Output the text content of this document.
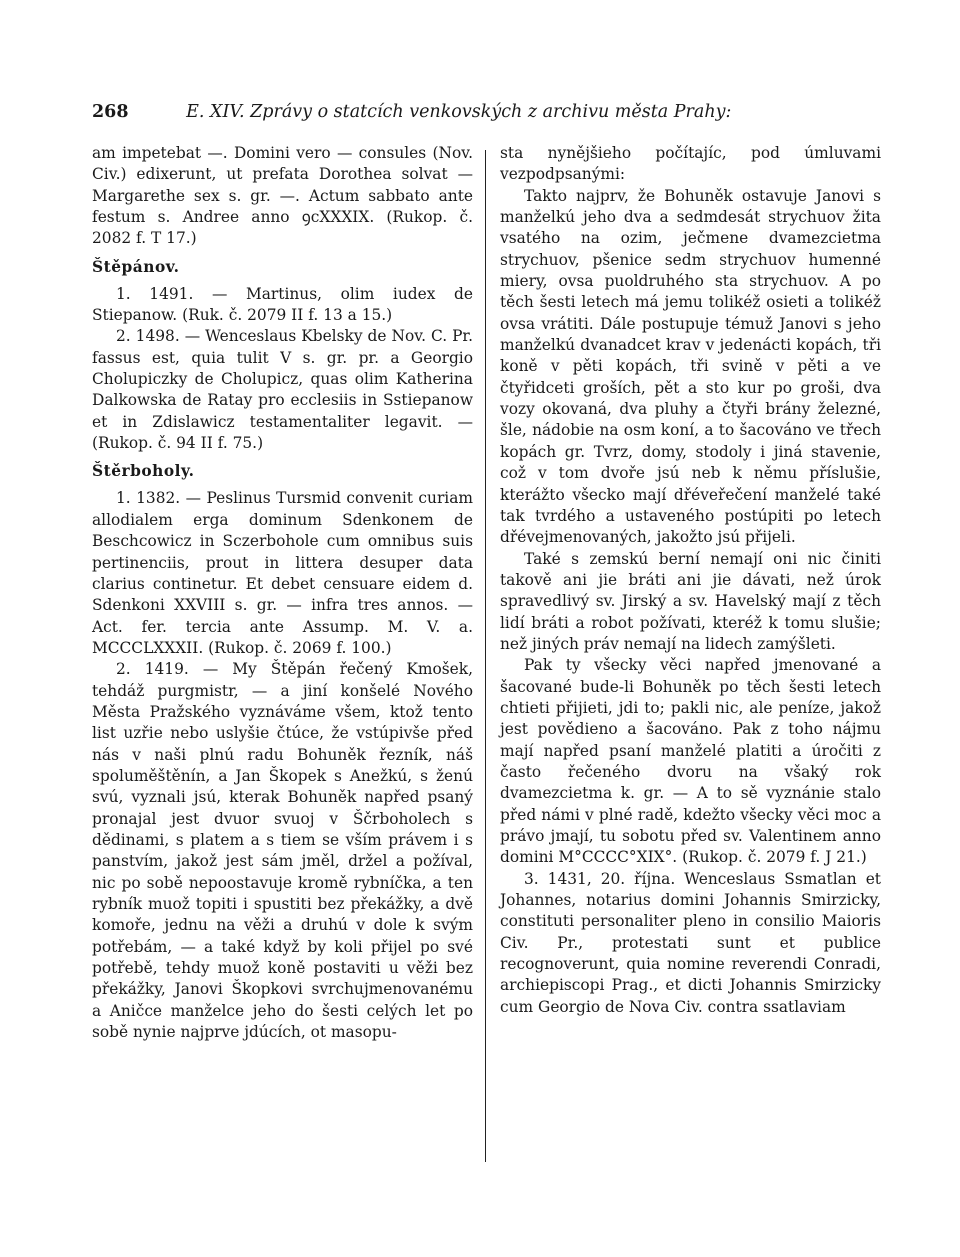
268	E. XIV. Zprávy o statcích venkovských z archivu města Prahy:

am impetebat —. Domini vero — consules (Nov. Civ.) edixerunt, ut prefata Dorothea solvat — Margarethe sex s. gr. —. Actum sabbato ante festum s. Andree anno ꝯcXXXIX. (Rukop. č. 2082 f. T 17.)

Štěpánov.

1. 1491. — Martinus, olim iudex de Stiepanow. (Ruk. č. 2079 II f. 13 a 15.)

2. 1498. — Wenceslaus Kbelsky de Nov. C. Pr. fassus est, quia tulit V s. gr. pr. a Georgio Cholupiczky de Cholupicz, quas olim Katherina Dalkowska de Ratay pro ecclesiis in Sstiepanow et in Zdislawicz testamentaliter legavit. — (Rukop. č. 94 II f. 75.)

Štěrboholy.

1. 1382. — Peslinus Tursmid convenit curiam allodialem erga dominum Sdenkonem de Beschcowicz in Sczerbohole cum omnibus suis pertinenciis, prout in littera desuper data clarius continetur. Et debet censuare eidem d. Sdenkoni XXVIII s. gr. — infra tres annos. — Act. fer. tercia ante Assump. M. V. a. MCCCLXXXII. (Rukop. č. 2069 f. 100.)

2. 1419. — My Štěpán řečený Kmošek, tehdáž purgmistr, — a jiní konšelé Nového Města Pražského vyznáváme všem, ktož tento list uzřie nebo uslyšie čtúce, že vstúpivše před nás v naši plnú radu Bohuněk řezník, náš spoluměštěnín, a Jan Škopek s Anežkú, s ženú svú, vyznali jsú, kterak Bohuněk napřed psaný pronajal jest dvuor svuoj v Ščrboholech s dědinami, s platem a s tiem se vším právem i s panstvím, jakož jest sám jměl, držel a požíval, nic po sobě nepoostavuje kromě rybníčka, a ten rybník muož topiti i spustiti bez překážky, a dvě komoře, jednu na věži a druhú v dole k svým potřebám, — a také když by koli přijel po své potřebě, tehdy muož koně postaviti u věži bez překážky, Janovi Škopkovi svrchujmenovanému a Aničce manželce jeho do šesti celých let po sobě nynie najprve jdúcích, ot masopu-

sta nynějšieho počítajíc, pod úmluvami vezpodpsanými:

Takto najprv, že Bohuněk ostavuje Janovi s manželkú jeho dva a sedmdesát strychuov žita vsatého na ozim, ječmene dvamezcietma strychuov, pšenice sedm strychuov humenné miery, ovsa puoldruhého sta strychuov. A po těch šesti letech má jemu tolikéž osieti a tolikéž ovsa vrátiti. Dále postupuje témuž Janovi s jeho manželkú dvanadcet krav v jedenácti kopách, tři koně v pěti kopách, tři svině v pěti a ve čtyřidceti groších, pět a sto kur po groši, dva vozy okovaná, dva pluhy a čtyři brány železné, šle, nádobie na osm koní, a to šacováno ve třech kopách gr. Tvrz, domy, stodoly i jiná stavenie, což v tom dvoře jsú neb k němu příslušie, kterážto všecko mají dřéveřečení manželé také tak tvrdého a ustaveného postúpiti po letech dřévejmenovaných, jakožto jsú přijeli.

Také s zemskú berní nemají oni nic činiti takově ani jie bráti ani jie dávati, než úrok spravedlivý sv. Jirský a sv. Havelský mají z těch lidí bráti a robot požívati, kteréž k tomu slušie; než jiných práv nemají na lidech zamýšleti.

Pak ty všecky věci napřed jmenované a šacované bude-li Bohuněk po těch šesti letech chtieti přijieti, jdi to; pakli nic, ale peníze, jakož jest povědieno a šacováno. Pak z toho nájmu mají napřed psaní manželé platiti a úročiti z často řečeného dvoru na všaký rok dvamezcietma k. gr. — A to sě vyznánie stalo před námi v plné radě, kdežto všecky věci moc a právo jmají, tu sobotu před sv. Valentinem anno domini M°CCCC°XIX°. (Rukop. č. 2079 f. J 21.)

3. 1431, 20. října. Wenceslaus Ssmatlan et Johannes, notarius domini Johannis Smirzicky, constituti personaliter pleno in consilio Maioris Civ. Pr., protestati sunt et publice recognoverunt, quia nomine reverendi Conradi, archiepiscopi Prag., et dicti Johannis Smirzicky cum Georgio de Nova Civ. contra ssatlaviam
